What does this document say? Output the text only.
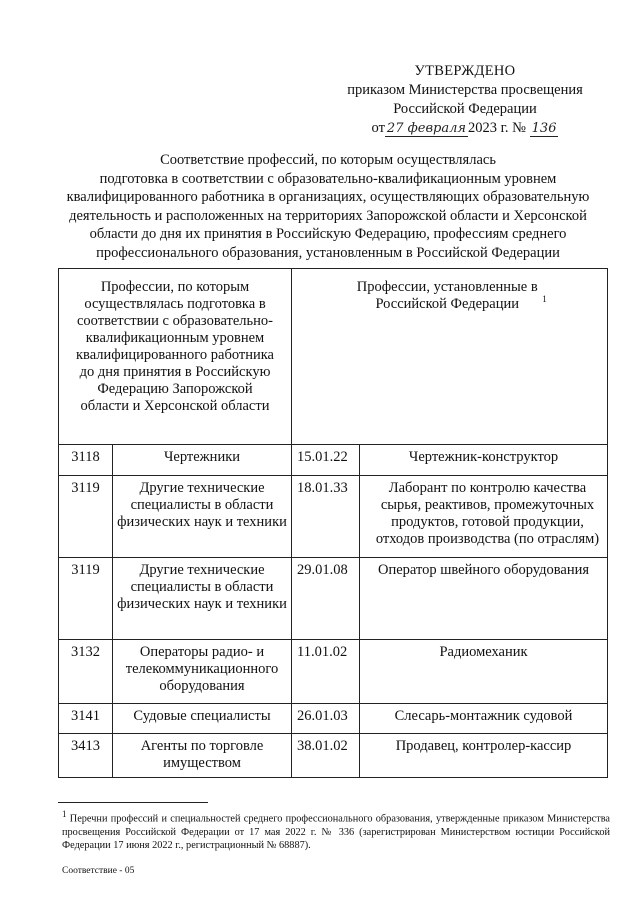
УТВЕРЖДЕНО
приказом Министерства просвещения
Российской Федерации
от 27 февраля 2023 г. № 136
Соответствие профессий, по которым осуществлялась
подготовка в соответствии с образовательно-квалификационным уровнем
квалифицированного работника в организациях, осуществляющих образовательную
деятельность и расположенных на территориях Запорожской области и Херсонской
области до дня их принятия в Российскую Федерацию, профессиям среднего
профессионального образования, установленным в Российской Федерации
Профессии, по которым осуществлялась подготовка в соответствии с образовательно-квалификационным уровнем квалифицированного работника до дня принятия в Российскую Федерацию Запорожской области и Херсонской области		Профессии, установленные в Российской Федерации $^1$
3118	Чертежники	15.01.22	Чертежник-конструктор
3119	Другие технические специалисты в области физических наук и техники	18.01.33	Лаборант по контролю качества сырья, реактивов, промежуточных продуктов, готовой продукции, отходов производства (по отраслям)
3119	Другие технические специалисты в области физических наук и техники	29.01.08	Оператор швейного оборудования
3132	Операторы радио- и телекоммуникационного оборудования	11.01.02	Радиомеханик
3141	Судовые специалисты	26.01.03	Слесарь-монтажник судовой
3413	Агенты по торговле имуществом	38.01.02	Продавец, контролер-кассир
$^1$ Перечни профессий и специальностей среднего профессионального образования, утвержденные приказом Министерства просвещения Российской Федерации от 17 мая 2022 г. № 336 (зарегистрирован Министерством юстиции Российской Федерации 17 июня 2022 г., регистрационный № 68887).
Соответствие - 05
